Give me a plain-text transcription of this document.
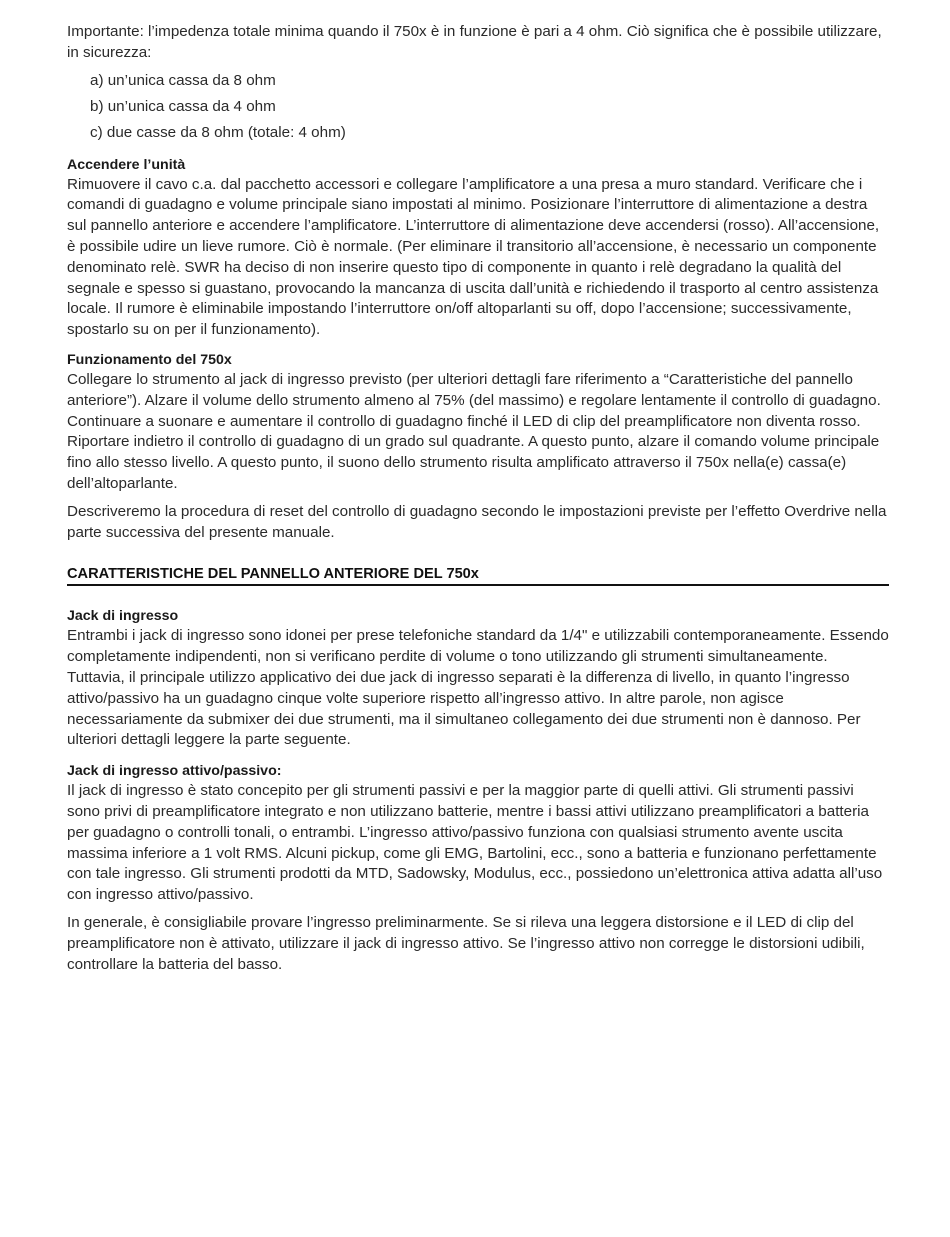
Importante: l’impedenza totale minima quando il 750x è in funzione è pari a 4 ohm. Ciò significa che è possibile utilizzare, in sicurezza:

a) un’unica cassa da 8 ohm
b) un’unica cassa da 4 ohm
c) due casse da 8 ohm (totale: 4 ohm)
Accendere l’unità

Rimuovere il cavo c.a. dal pacchetto accessori e collegare l’amplificatore a una presa a muro standard. Verificare che i comandi di guadagno e volume principale siano impostati al minimo. Posizionare l’interruttore di alimentazione a destra sul pannello anteriore e accendere l’amplificatore. L’interruttore di alimentazione deve accendersi (rosso). All’accensione, è possibile udire un lieve rumore. Ciò è normale. (Per eliminare il transitorio all’accensione, è necessario un componente denominato relè. SWR ha deciso di non inserire questo tipo di componente in quanto i relè degradano la qualità del segnale e spesso si guastano, provocando la mancanza di uscita dall’unità e richiedendo il trasporto al centro assistenza locale. Il rumore è eliminabile impostando l’interruttore on/off altoparlanti su off, dopo l’accensione; successivamente, spostarlo su on per il funzionamento).

Funzionamento del 750x

Collegare lo strumento al jack di ingresso previsto (per ulteriori dettagli fare riferimento a “Caratteristiche del pannello anteriore”). Alzare il volume dello strumento almeno al 75% (del massimo) e regolare lentamente il controllo di guadagno. Continuare a suonare e aumentare il controllo di guadagno finché il LED di clip del preamplificatore non diventa rosso. Riportare indietro il controllo di guadagno di un grado sul quadrante. A questo punto, alzare il comando volume principale fino allo stesso livello. A questo punto, il suono dello strumento risulta amplificato attraverso il 750x nella(e) cassa(e) dell’altoparlante.

Descriveremo la procedura di reset del controllo di guadagno secondo le impostazioni previste per l’effetto Overdrive nella parte successiva del presente manuale.

CARATTERISTICHE DEL PANNELLO ANTERIORE DEL 750x
Jack di ingresso

Entrambi i jack di ingresso sono idonei per prese telefoniche standard da 1/4" e utilizzabili contemporaneamente. Essendo completamente indipendenti, non si verificano perdite di volume o tono utilizzando gli strumenti simultaneamente. Tuttavia, il principale utilizzo applicativo dei due jack di ingresso separati è la differenza di livello, in quanto l’ingresso attivo/passivo ha un guadagno cinque volte superiore rispetto all’ingresso attivo. In altre parole, non agisce necessariamente da submixer dei due strumenti, ma il simultaneo collegamento dei due strumenti non è dannoso. Per ulteriori dettagli leggere la parte seguente.

Jack di ingresso attivo/passivo:

Il jack di ingresso è stato concepito per gli strumenti passivi e per la maggior parte di quelli attivi. Gli strumenti passivi sono privi di preamplificatore integrato e non utilizzano batterie, mentre i bassi attivi utilizzano preamplificatori a batteria per guadagno o controlli tonali, o entrambi. L’ingresso attivo/passivo funziona con qualsiasi strumento avente uscita massima inferiore a 1 volt RMS. Alcuni pickup, come gli EMG, Bartolini, ecc., sono a batteria e funzionano perfettamente con tale ingresso. Gli strumenti prodotti da MTD, Sadowsky, Modulus, ecc., possiedono un’elettronica attiva adatta all’uso con ingresso attivo/passivo.

In generale, è consigliabile provare l’ingresso preliminarmente. Se si rileva una leggera distorsione e il LED di clip del preamplificatore non è attivato, utilizzare il jack di ingresso attivo. Se l’ingresso attivo non corregge le distorsioni udibili, controllare la batteria del basso.
